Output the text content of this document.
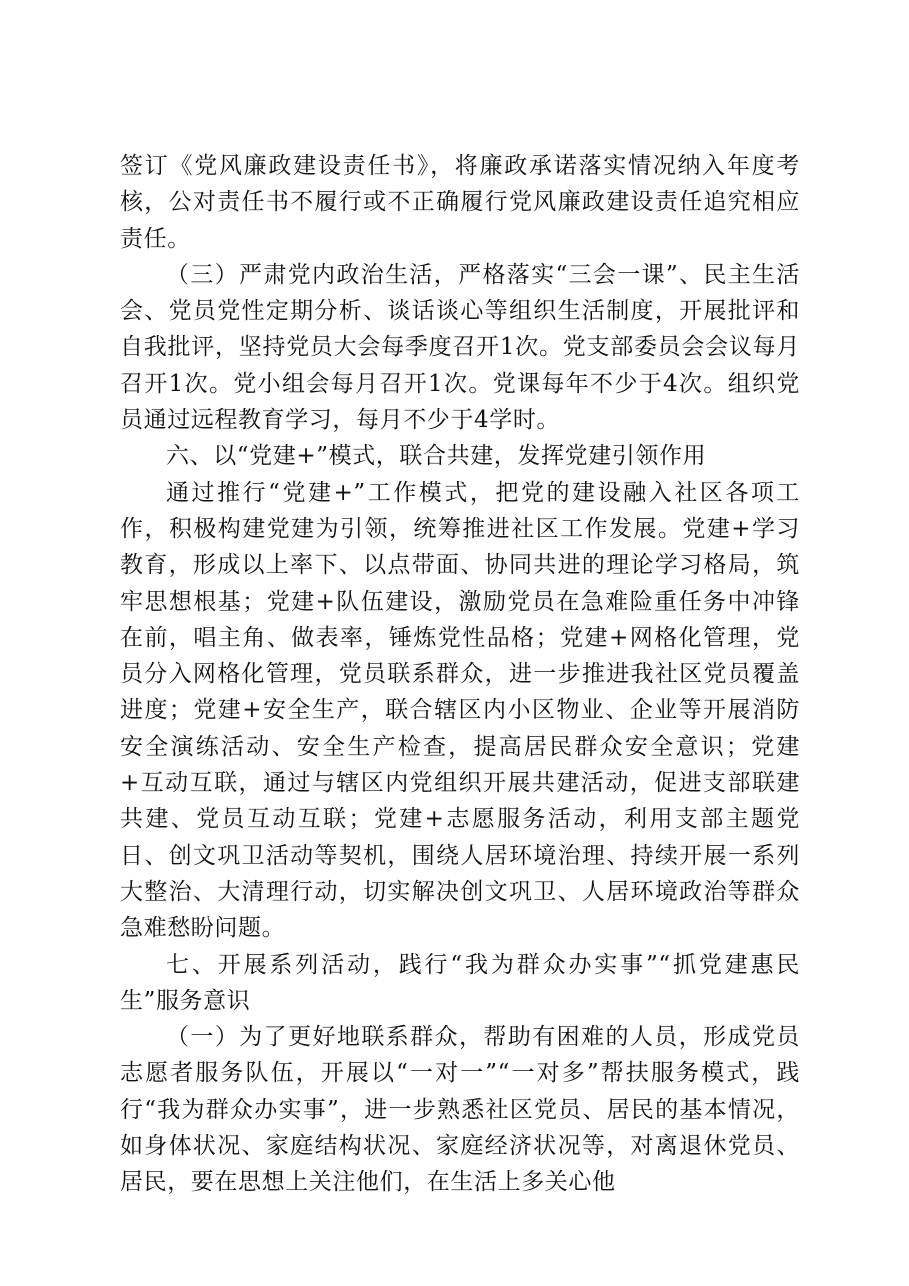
签订《党风廉政建设责任书》，将廉政承诺落实情况纳入年度考核，公对责任书不履行或不正确履行党风廉政建设责任追究相应责任。

（三）严肃党内政治生活，严格落实“三会一课”、民主生活会、党员党性定期分析、谈话谈心等组织生活制度，开展批评和自我批评，坚持党员大会每季度召开1次。党支部委员会会议每月召开1次。党小组会每月召开1次。党课每年不少于4次。组织党员通过远程教育学习，每月不少于4学时。

六、以“党建+”模式，联合共建，发挥党建引领作用

通过推行“党建+”工作模式，把党的建设融入社区各项工作，积极构建党建为引领，统筹推进社区工作发展。党建+学习教育，形成以上率下、以点带面、协同共进的理论学习格局，筑牢思想根基；党建+队伍建设，激励党员在急难险重任务中冲锋在前，唱主角、做表率，锤炼党性品格；党建+网格化管理，党员分入网格化管理，党员联系群众，进一步推进我社区党员覆盖进度；党建+安全生产，联合辖区内小区物业、企业等开展消防安全演练活动、安全生产检查，提高居民群众安全意识；党建+互动互联，通过与辖区内党组织开展共建活动，促进支部联建共建、党员互动互联；党建+志愿服务活动，利用支部主题党日、创文巩卫活动等契机，围绕人居环境治理、持续开展一系列大整治、大清理行动，切实解决创文巩卫、人居环境政治等群众急难愁盼问题。

七、开展系列活动，践行“我为群众办实事”“抓党建惠民生”服务意识

（一）为了更好地联系群众，帮助有困难的人员，形成党员志愿者服务队伍，开展以“一对一”“一对多”帮扶服务模式，践行“我为群众办实事”，进一步熟悉社区党员、居民的基本情况，如身体状况、家庭结构状况、家庭经济状况等，对离退休党员、居民，要在思想上关注他们，在生活上多关心他
